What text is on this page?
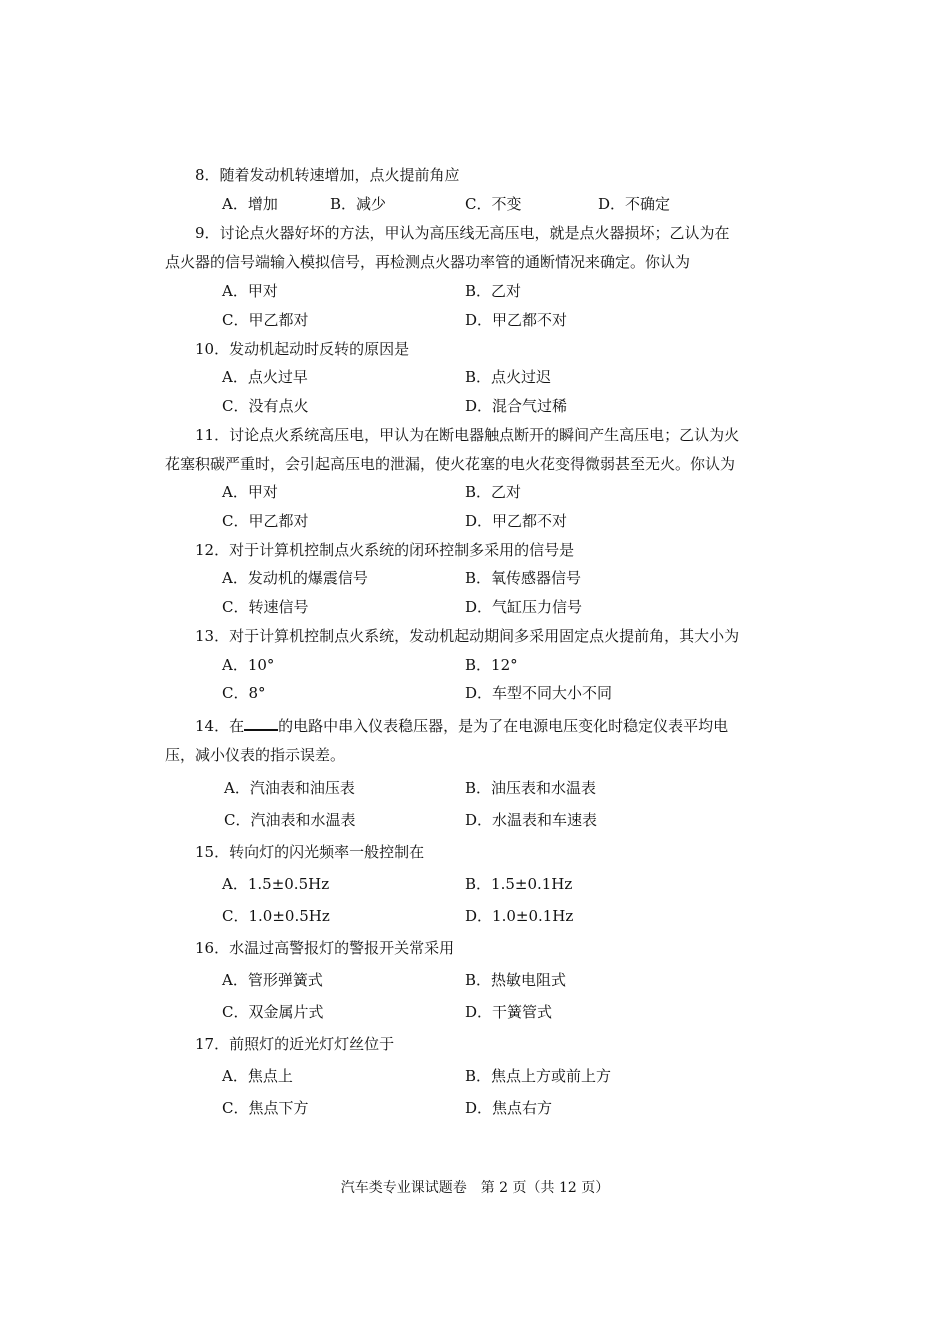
8．随着发动机转速增加，点火提前角应
A．增加	B．减少	C．不变	D．不确定
9．讨论点火器好坏的方法，甲认为高压线无高压电，就是点火器损坏；乙认为在
点火器的信号端输入模拟信号，再检测点火器功率管的通断情况来确定。你认为
A．甲对	B．乙对
C．甲乙都对	D．甲乙都不对
10．发动机起动时反转的原因是
A．点火过早	B．点火过迟
C．没有点火	D．混合气过稀
11．讨论点火系统高压电，甲认为在断电器触点断开的瞬间产生高压电；乙认为火
花塞积碳严重时，会引起高压电的泄漏，使火花塞的电火花变得微弱甚至无火。你认为
A．甲对	B．乙对
C．甲乙都对	D．甲乙都不对
12．对于计算机控制点火系统的闭环控制多采用的信号是
A．发动机的爆震信号	B．氧传感器信号
C．转速信号	D．气缸压力信号
13．对于计算机控制点火系统，发动机起动期间多采用固定点火提前角，其大小为
A．10°	B．12°
C．8°	D．车型不同大小不同
14．在 的电路中串入仪表稳压器，是为了在电源电压变化时稳定仪表平均电
压，减小仪表的指示误差。
A．汽油表和油压表	B．油压表和水温表
C．汽油表和水温表	D．水温表和车速表
15．转向灯的闪光频率一般控制在
A．1.5±0.5Hz	B．1.5±0.1Hz
C．1.0±0.5Hz	D．1.0±0.1Hz
16．水温过高警报灯的警报开关常采用
A．管形弹簧式	B．热敏电阻式
C．双金属片式	D．干簧管式
17．前照灯的近光灯灯丝位于
A．焦点上	B．焦点上方或前上方
C．焦点下方	D．焦点右方
汽车类专业课试题卷　第 2 页（共 12 页）
